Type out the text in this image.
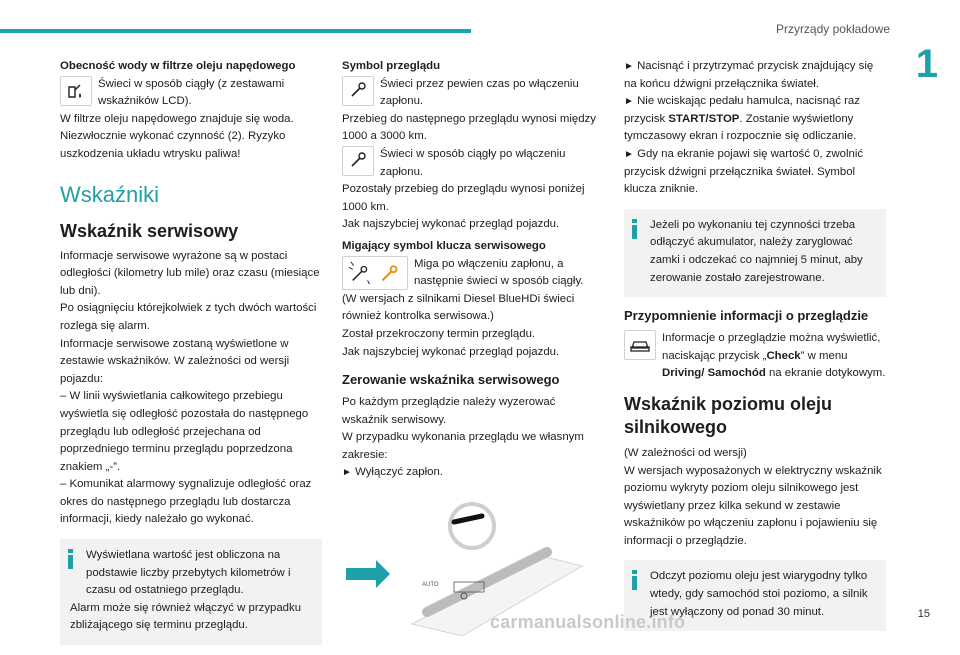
Przyrządy pokładowe
1

Obecność wody w filtrze oleju napędowego

Świeci w sposób ciągły (z zestawami wskaźników LCD).

W filtrze oleju napędowego znajduje się woda. Niezwłocznie wykonać czynność (2). Ryzyko uszkodzenia układu wtrysku paliwa!

Wskaźniki
Wskaźnik serwisowy

Informacje serwisowe wyrażone są w postaci odległości (kilometry lub mile) oraz czasu (miesiące lub dni).

Po osiągnięciu którejkolwiek z tych dwóch wartości rozlega się alarm.

Informacje serwisowe zostaną wyświetlone w zestawie wskaźników. W zależności od wersji pojazdu:

– W linii wyświetlania całkowitego przebiegu wyświetla się odległość pozostała do następnego przeglądu lub odległość przejechana od poprzedniego terminu przeglądu poprzedzona znakiem „-”.

– Komunikat alarmowy sygnalizuje odległość oraz okres do następnego przeglądu lub dostarcza informacji, kiedy należało go wykonać.

Wyświetlana wartość jest obliczona na podstawie liczby przebytych kilometrów i czasu od ostatniego przeglądu.

Alarm może się również włączyć w przypadku zbliżającego się terminu przeglądu.

Symbol przeglądu

Świeci przez pewien czas po włączeniu zapłonu.

Przebieg do następnego przeglądu wynosi między 1000 a 3000 km.

Świeci w sposób ciągły po włączeniu zapłonu.

Pozostały przebieg do przeglądu wynosi poniżej 1000 km.

Jak najszybciej wykonać przegląd pojazdu.

Migający symbol klucza serwisowego

Miga po włączeniu zapłonu, a następnie świeci w sposób ciągły.

(W wersjach z silnikami Diesel BlueHDi świeci również kontrolka serwisowa.)

Został przekroczony termin przeglądu.

Jak najszybciej wykonać przegląd pojazdu.

Zerowanie wskaźnika serwisowego

Po każdym przeglądzie należy wyzerować wskaźnik serwisowy.

W przypadku wykonania przeglądu we własnym zakresie:

► Wyłączyć zapłon.

AUTO

► Nacisnąć i przytrzymać przycisk znajdujący się na końcu dźwigni przełącznika świateł.

► Nie wciskając pedału hamulca, nacisnąć raz przycisk START/STOP. Zostanie wyświetlony tymczasowy ekran i rozpocznie się odliczanie.

► Gdy na ekranie pojawi się wartość 0, zwolnić przycisk dźwigni przełącznika świateł. Symbol klucza zniknie.

Jeżeli po wykonaniu tej czynności trzeba odłączyć akumulator, należy zaryglować zamki i odczekać co najmniej 5 minut, aby zerowanie zostało zarejestrowane.

Przypomnienie informacji o przeglądzie

Informacje o przeglądzie można wyświetlić, naciskając przycisk „Check” w menu Driving/ Samochód na ekranie dotykowym.

Wskaźnik poziomu oleju silnikowego

(W zależności od wersji)

W wersjach wyposażonych w elektryczny wskaźnik poziomu wykryty poziom oleju silnikowego jest wyświetlany przez kilka sekund w zestawie wskaźników po włączeniu zapłonu i pojawieniu się informacji o przeglądzie.

Odczyt poziomu oleju jest wiarygodny tylko wtedy, gdy samochód stoi poziomo, a silnik jest wyłączony od ponad 30 minut.

carmanualsonline.info	15
